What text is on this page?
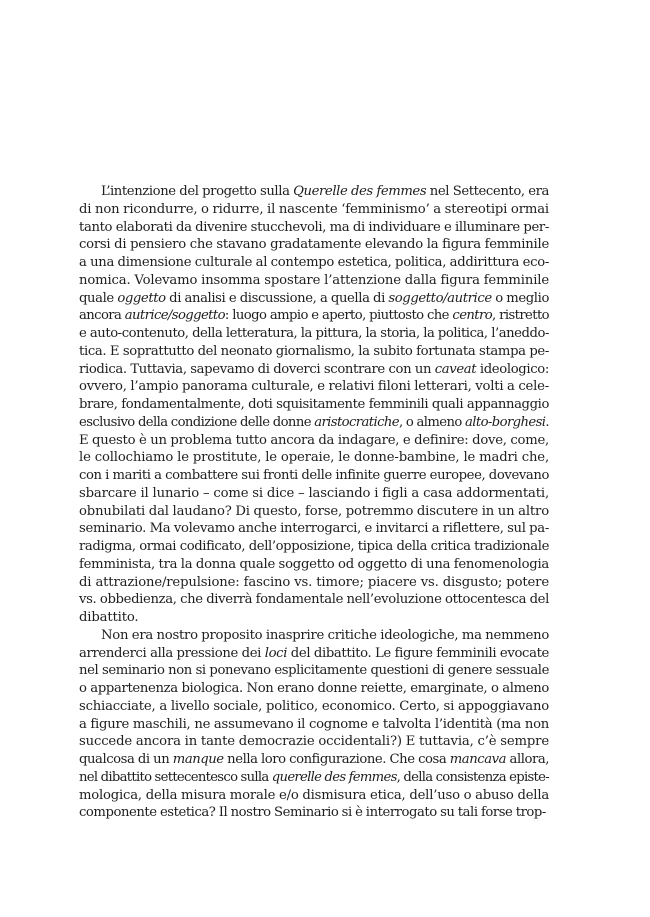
L’intenzione del progetto sulla Querelle des femmes nel Settecento, era
di non ricondurre, o ridurre, il nascente ‘femminismo’ a stereotipi ormai
tanto elaborati da divenire stucchevoli, ma di individuare e illuminare per-
corsi di pensiero che stavano gradatamente elevando la figura femminile
a una dimensione culturale al contempo estetica, politica, addirittura eco-
nomica. Volevamo insomma spostare l’attenzione dalla figura femminile
quale oggetto di analisi e discussione, a quella di soggetto/autrice o meglio
ancora autrice/soggetto: luogo ampio e aperto, piuttosto che centro, ristretto
e auto-contenuto, della letteratura, la pittura, la storia, la politica, l’aneddo-
tica. E soprattutto del neonato giornalismo, la subito fortunata stampa pe-
riodica. Tuttavia, sapevamo di doverci scontrare con un caveat ideologico:
ovvero, l’ampio panorama culturale, e relativi filoni letterari, volti a cele-
brare, fondamentalmente, doti squisitamente femminili quali appannaggio
esclusivo della condizione delle donne aristocratiche, o almeno alto-borghesi.
E questo è un problema tutto ancora da indagare, e definire: dove, come,
le collochiamo le prostitute, le operaie, le donne-bambine, le madri che,
con i mariti a combattere sui fronti delle infinite guerre europee, dovevano
sbarcare il lunario – come si dice – lasciando i figli a casa addormentati,
obnubilati dal laudano? Di questo, forse, potremmo discutere in un altro
seminario. Ma volevamo anche interrogarci, e invitarci a riflettere, sul pa-
radigma, ormai codificato, dell’opposizione, tipica della critica tradizionale
femminista, tra la donna quale soggetto od oggetto di una fenomenologia
di attrazione/repulsione: fascino vs. timore; piacere vs. disgusto; potere
vs. obbedienza, che diverrà fondamentale nell’evoluzione ottocentesca del
dibattito.
Non era nostro proposito inasprire critiche ideologiche, ma nemmeno
arrenderci alla pressione dei loci del dibattito. Le figure femminili evocate
nel seminario non si ponevano esplicitamente questioni di genere sessuale
o appartenenza biologica. Non erano donne reiette, emarginate, o almeno
schiacciate, a livello sociale, politico, economico. Certo, si appoggiavano
a figure maschili, ne assumevano il cognome e talvolta l’identità (ma non
succede ancora in tante democrazie occidentali?) E tuttavia, c’è sempre
qualcosa di un manque nella loro configurazione. Che cosa mancava allora,
nel dibattito settecentesco sulla querelle des femmes, della consistenza episte-
mologica, della misura morale e/o dismisura etica, dell’uso o abuso della
componente estetica? Il nostro Seminario si è interrogato su tali forse trop-
